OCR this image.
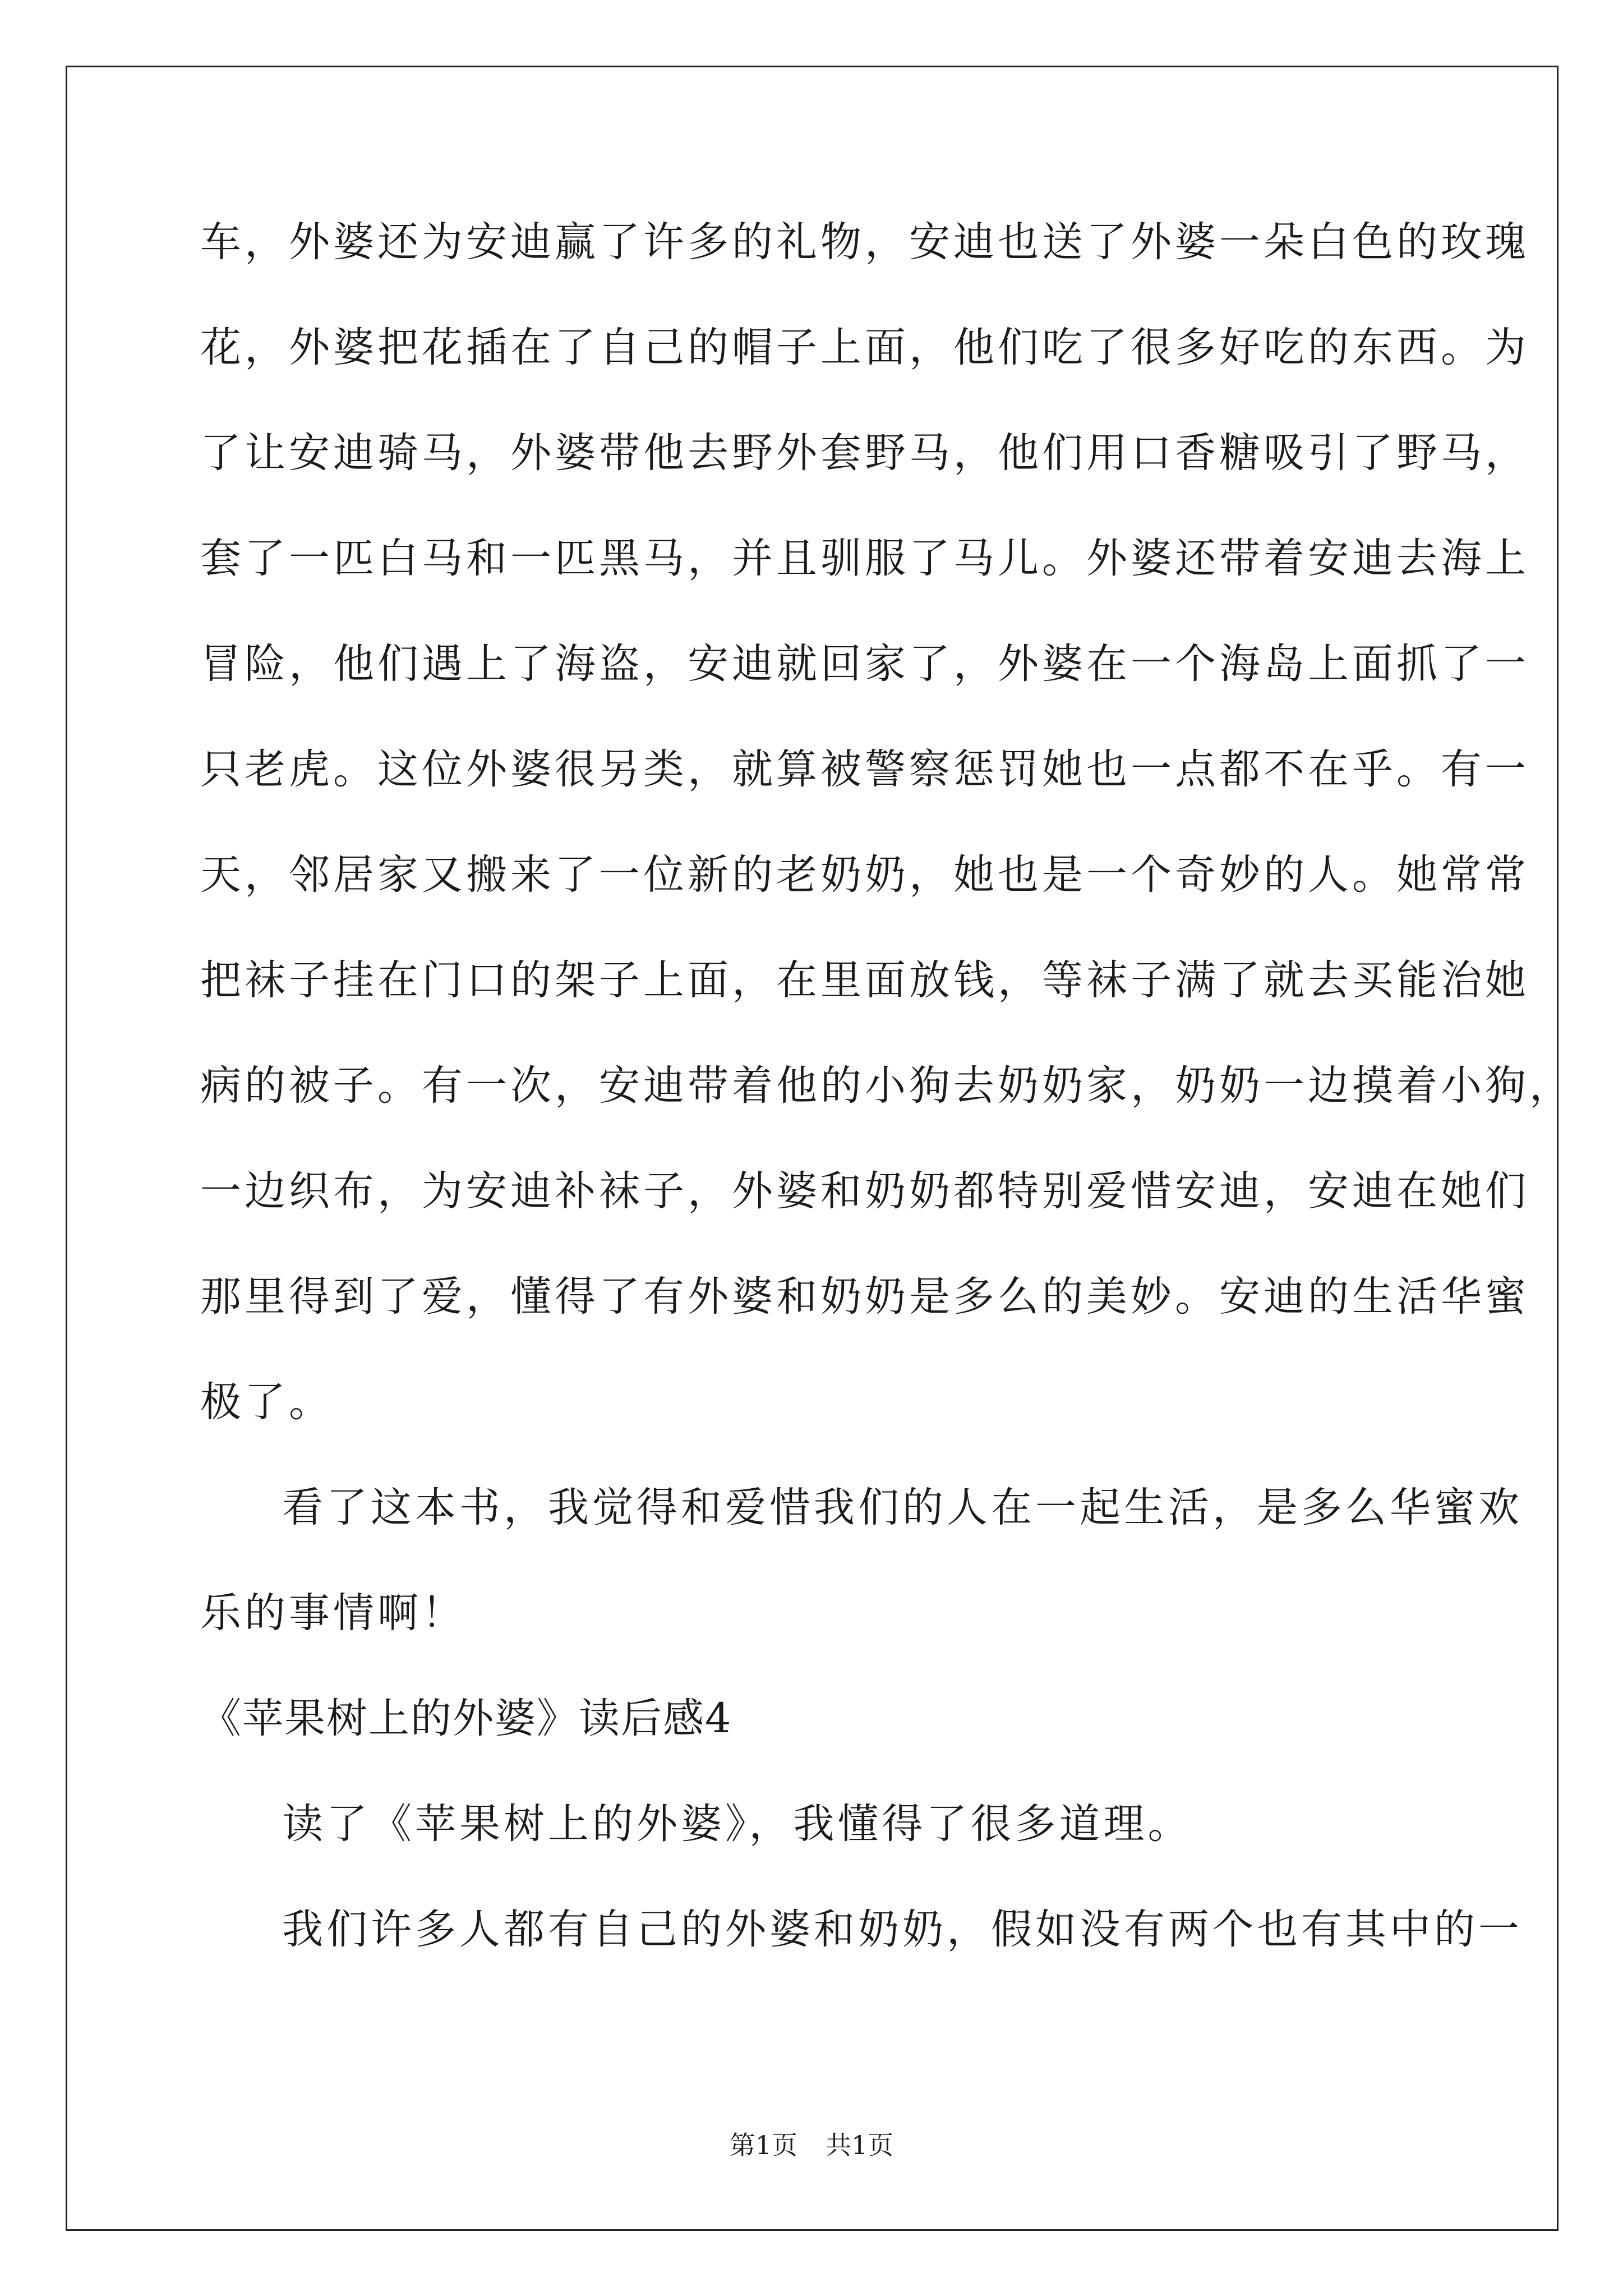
车，外婆还为安迪赢了许多的礼物，安迪也送了外婆一朵白色的玫瑰
花，外婆把花插在了自己的帽子上面，他们吃了很多好吃的东西。为
了让安迪骑马，外婆带他去野外套野马，他们用口香糖吸引了野马，
套了一匹白马和一匹黑马，并且驯服了马儿。外婆还带着安迪去海上
冒险，他们遇上了海盗，安迪就回家了，外婆在一个海岛上面抓了一
只老虎。这位外婆很另类，就算被警察惩罚她也一点都不在乎。有一
天，邻居家又搬来了一位新的老奶奶，她也是一个奇妙的人。她常常
把袜子挂在门口的架子上面，在里面放钱，等袜子满了就去买能治她
病的被子。有一次，安迪带着他的小狗去奶奶家，奶奶一边摸着小狗，
一边织布，为安迪补袜子，外婆和奶奶都特别爱惜安迪，安迪在她们
那里得到了爱，懂得了有外婆和奶奶是多么的美妙。安迪的生活华蜜
极了。
看了这本书，我觉得和爱惜我们的人在一起生活，是多么华蜜欢
乐的事情啊！
《苹果树上的外婆》读后感4
读了《苹果树上的外婆》，我懂得了很多道理。
我们许多人都有自己的外婆和奶奶，假如没有两个也有其中的一
第1页 共1页
